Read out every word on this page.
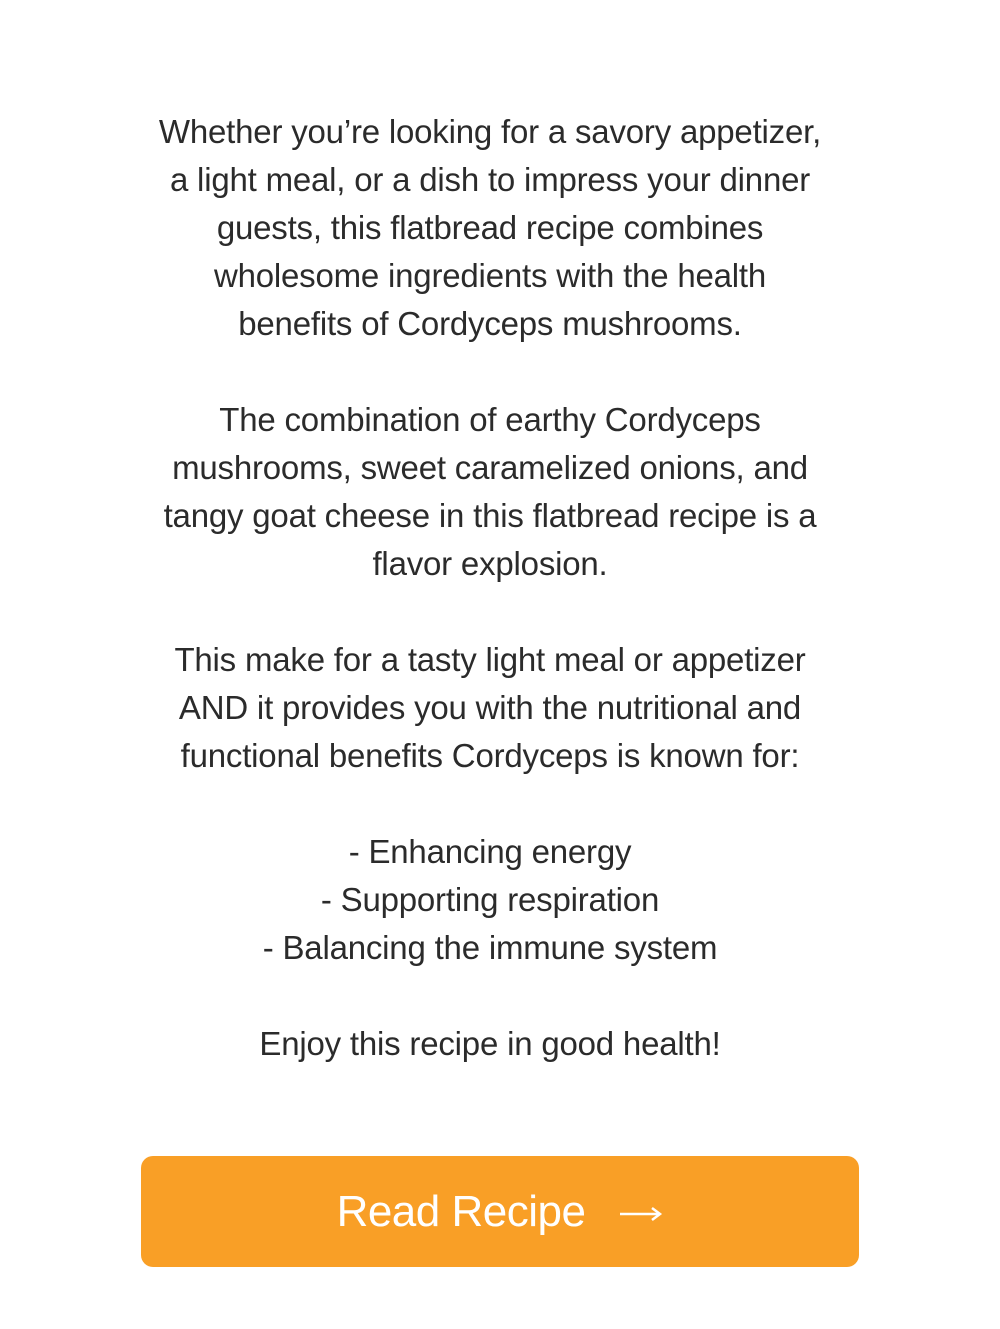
Whether you’re looking for a savory appetizer,
a light meal, or a dish to impress your dinner
guests, this flatbread recipe combines
wholesome ingredients with the health
benefits of Cordyceps mushrooms.

The combination of earthy Cordyceps
mushrooms, sweet caramelized onions, and
tangy goat cheese in this flatbread recipe is a
flavor explosion.

This make for a tasty light meal or appetizer
AND it provides you with the nutritional and
functional benefits Cordyceps is known for:

- Enhancing energy
- Supporting respiration
- Balancing the immune system

Enjoy this recipe in good health!

Read Recipe
